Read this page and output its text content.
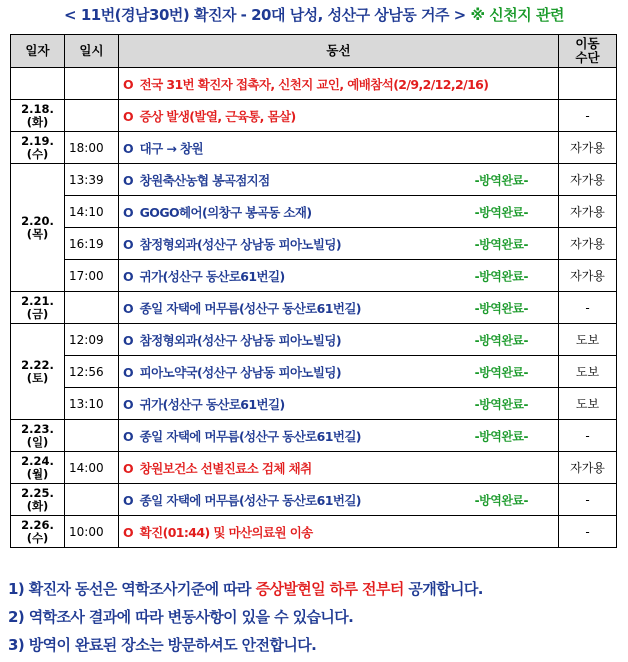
< 11번(경남30번) 확진자 - 20대 남성, 성산구 상남동 거주 > ※ 신천지 관련
일자	일시	동선	이동
수단
		O 전국 31번 확진자 접촉자, 신천지 교인, 예배참석(2/9,2/12,2/16)	
2.18.
(화)		O 증상 발생(발열, 근육통, 몸살)	-
2.19.
(수)	18:00	O 대구 → 창원	자가용
2.20.
(목)	13:39	O 창원축산농협 봉곡점지점 -방역완료-	자가용
	14:10	O GOGO헤어(의창구 봉곡동 소재) -방역완료-	자가용
	16:19	O 참정형외과(성산구 상남동 피아노빌딩) -방역완료-	자가용
	17:00	O 귀가(성산구 동산로61번길) -방역완료-	자가용
2.21.
(금)		O 종일 자택에 머무름(성산구 동산로61번길) -방역완료-	-
2.22.
(토)	12:09	O 참정형외과(성산구 상남동 피아노빌딩) -방역완료-	도보
	12:56	O 피아노약국(성산구 상남동 피아노빌딩) -방역완료-	도보
	13:10	O 귀가(성산구 동산로61번길) -방역완료-	도보
2.23.
(일)		O 종일 자택에 머무름(성산구 동산로61번길) -방역완료-	-
2.24.
(월)	14:00	O 창원보건소 선별진료소 검체 채취	자가용
2.25.
(화)		O 종일 자택에 머무름(성산구 동산로61번길) -방역완료-	-
2.26.
(수)	10:00	O 확진(01:44) 및 마산의료원 이송	-
1) 확진자 동선은 역학조사기준에 따라 증상발현일 하루 전부터 공개합니다.
2) 역학조사 결과에 따라 변동사항이 있을 수 있습니다.
3) 방역이 완료된 장소는 방문하셔도 안전합니다.
